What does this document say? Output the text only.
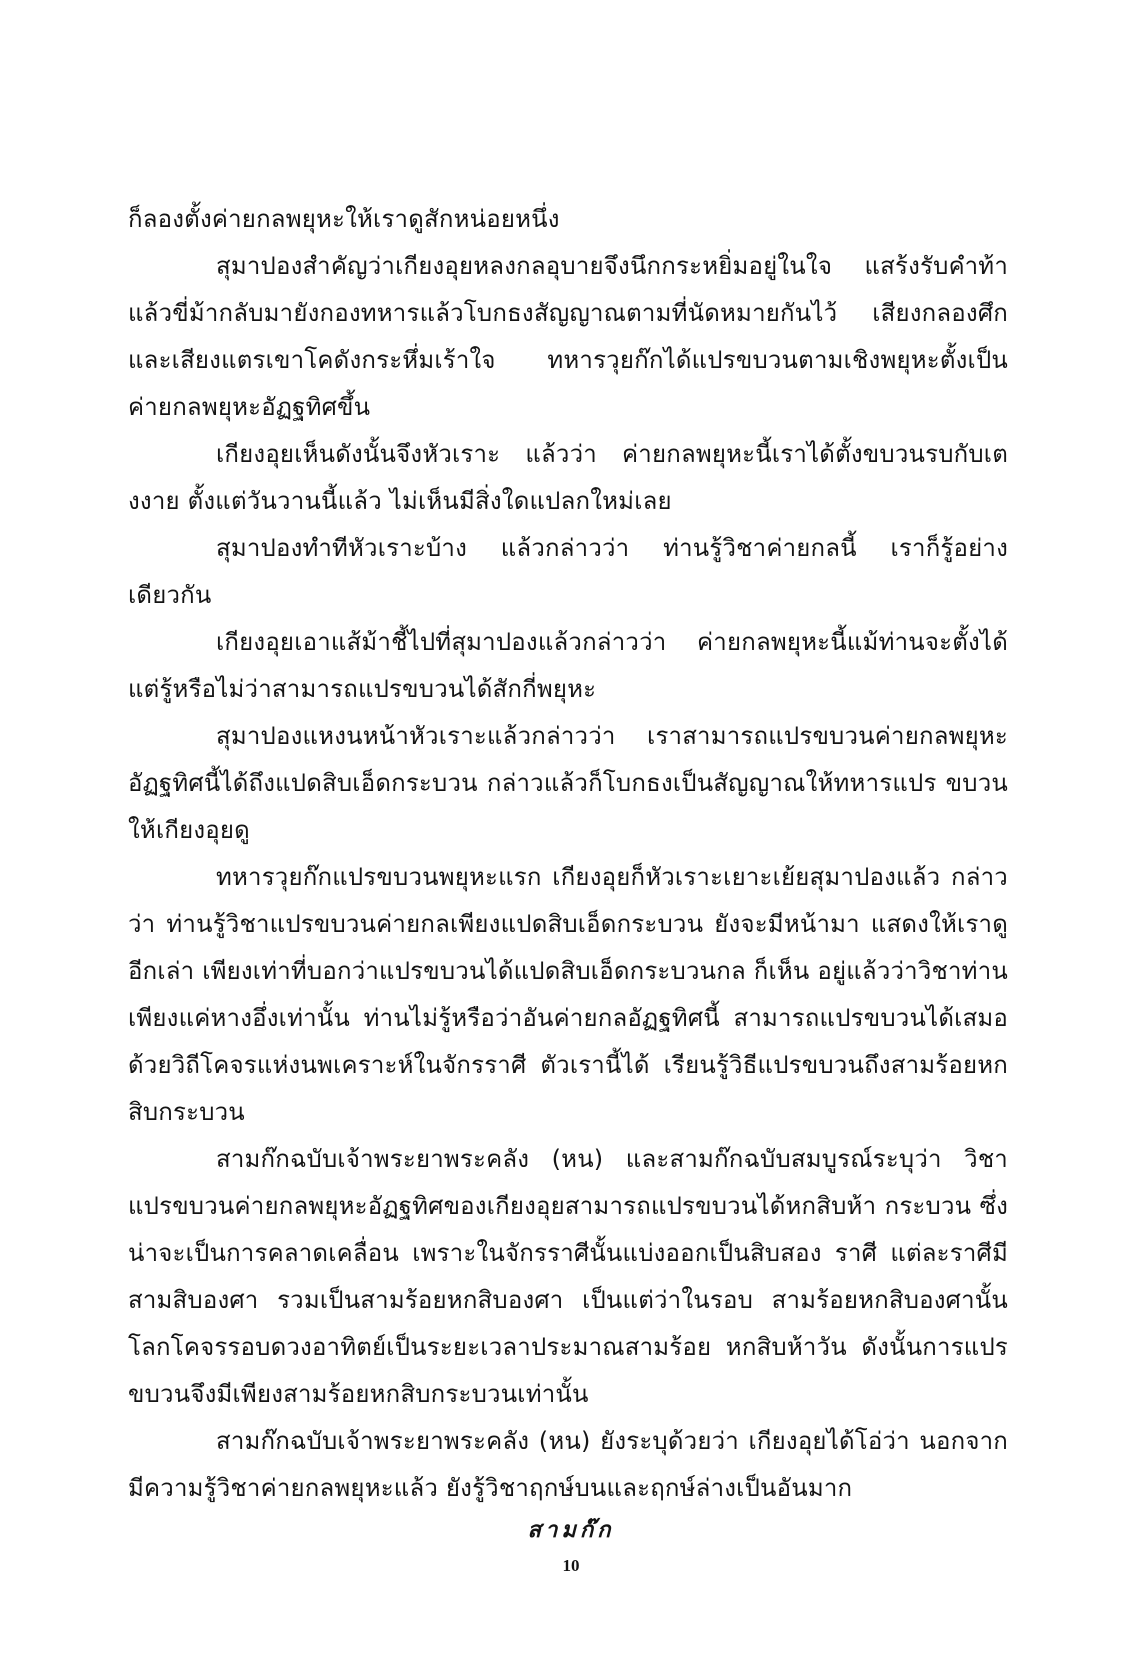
ก็ลองตั้งค่ายกลพยุหะให้เราดูสักหน่อยหนึ่ง

สุมาปองสำคัญว่าเกียงอุยหลงกลอุบายจึงนึกกระหยิ่มอยู่ในใจ แสร้งรับคำท้า แล้วขี่ม้ากลับมายังกองทหารแล้วโบกธงสัญญาณตามที่นัดหมายกันไว้ เสียงกลองศึก และเสียงแตรเขาโคดังกระหึ่มเร้าใจ ทหารวุยก๊กได้แปรขบวนตามเชิงพยุหะตั้งเป็น ค่ายกลพยุหะอัฏฐทิศขึ้น

เกียงอุยเห็นดังนั้นจึงหัวเราะ แล้วว่า ค่ายกลพยุหะนี้เราได้ตั้งขบวนรบกับเตงงาย ตั้งแต่วันวานนี้แล้ว ไม่เห็นมีสิ่งใดแปลกใหม่เลย

สุมาปองทำทีหัวเราะบ้าง แล้วกล่าวว่า ท่านรู้วิชาค่ายกลนี้ เราก็รู้อย่างเดียวกัน

เกียงอุยเอาแส้ม้าชี้ไปที่สุมาปองแล้วกล่าวว่า ค่ายกลพยุหะนี้แม้ท่านจะตั้งได้ แต่รู้หรือไม่ว่าสามารถแปรขบวนได้สักกี่พยุหะ

สุมาปองแหงนหน้าหัวเราะแล้วกล่าวว่า เราสามารถแปรขบวนค่ายกลพยุหะ อัฏฐทิศนี้ได้ถึงแปดสิบเอ็ดกระบวน กล่าวแล้วก็โบกธงเป็นสัญญาณให้ทหารแปร ขบวนให้เกียงอุยดู

ทหารวุยก๊กแปรขบวนพยุหะแรก เกียงอุยก็หัวเราะเยาะเย้ยสุมาปองแล้ว กล่าวว่า ท่านรู้วิชาแปรขบวนค่ายกลเพียงแปดสิบเอ็ดกระบวน ยังจะมีหน้ามา แสดงให้เราดูอีกเล่า เพียงเท่าที่บอกว่าแปรขบวนได้แปดสิบเอ็ดกระบวนกล ก็เห็น อยู่แล้วว่าวิชาท่านเพียงแค่หางอึ่งเท่านั้น ท่านไม่รู้หรือว่าอันค่ายกลอัฏฐทิศนี้ สามารถแปรขบวนได้เสมอด้วยวิถีโคจรแห่งนพเคราะห์ในจักรราศี ตัวเรานี้ได้ เรียนรู้วิธีแปรขบวนถึงสามร้อยหกสิบกระบวน

สามก๊กฉบับเจ้าพระยาพระคลัง (หน) และสามก๊กฉบับสมบูรณ์ระบุว่า วิชาแปรขบวนค่ายกลพยุหะอัฏฐทิศของเกียงอุยสามารถแปรขบวนได้หกสิบห้า กระบวน ซึ่งน่าจะเป็นการคลาดเคลื่อน เพราะในจักรราศีนั้นแบ่งออกเป็นสิบสอง ราศี แต่ละราศีมีสามสิบองศา รวมเป็นสามร้อยหกสิบองศา เป็นแต่ว่าในรอบ สามร้อยหกสิบองศานั้นโลกโคจรรอบดวงอาทิตย์เป็นระยะเวลาประมาณสามร้อย หกสิบห้าวัน ดังนั้นการแปรขบวนจึงมีเพียงสามร้อยหกสิบกระบวนเท่านั้น

สามก๊กฉบับเจ้าพระยาพระคลัง (หน) ยังระบุด้วยว่า เกียงอุยได้โอ่ว่า นอกจาก มีความรู้วิชาค่ายกลพยุหะแล้ว ยังรู้วิชาฤกษ์บนและฤกษ์ล่างเป็นอันมาก

สามก๊ก
10
